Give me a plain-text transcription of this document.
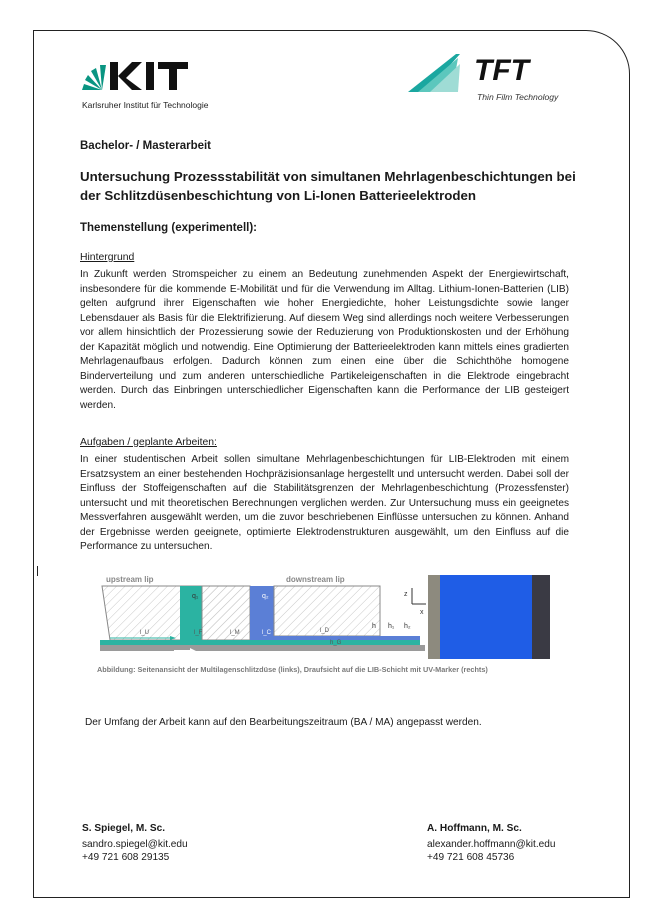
Karlsruher Institut für Technologie
TFT
Thin Film Technology
Bachelor- / Masterarbeit
Untersuchung Prozessstabilität von simultanen Mehrlagenbeschichtungen bei der Schlitzdüsenbeschichtung von Li-Ionen Batterieelektroden
Themenstellung (experimentell):
Hintergrund
In Zukunft werden Stromspeicher zu einem an Bedeutung zunehmenden Aspekt der Energiewirtschaft, insbesondere für die kommende E-Mobilität und für die Verwendung im Alltag. Lithium-Ionen-Batterien (LIB) gelten aufgrund ihrer Eigenschaften wie hoher Energiedichte, hoher Leistungsdichte sowie langer Lebensdauer als Basis für die Elektrifizierung. Auf diesem Weg sind allerdings noch weitere Verbesserungen vor allem hinsichtlich der Prozessierung sowie der Reduzierung von Produktionskosten und der Erhöhung der Kapazität möglich und notwendig. Eine Optimierung der Batterieelektroden kann mittels eines gradierten Mehrlagenaufbaus erfolgen. Dadurch können zum einen eine über die Schichthöhe homogene Binderverteilung und zum anderen unterschiedliche Partikeleigenschaften in die Elektrode eingebracht werden. Durch das Einbringen unterschiedlicher Eigenschaften kann die Performance der LIB gesteigert werden.
Aufgaben / geplante Arbeiten:
In einer studentischen Arbeit sollen simultane Mehrlagenbeschichtungen für LIB-Elektroden mit einem Ersatzsystem an einer bestehenden Hochpräzisionsanlage hergestellt und untersucht werden. Dabei soll der Einfluss der Stoffeigenschaften auf die Stabilitätsgrenzen der Mehrlagenbeschichtung (Prozessfenster) untersucht und mit theoretischen Berechnungen verglichen werden. Zur Untersuchung muss ein geeignetes Messverfahren ausgewählt werden, um die zuvor beschriebenen Einflüsse untersuchen zu können. Anhand der Ergebnisse werden geeignete, optimierte Elektrodenstrukturen ausgewählt, um den Einfluss auf die Performance zu untersuchen.
upstream lip
q₁	q₂
downstream lip
l_U	l_F	l_M	l_C	l_D
h_G
h h₁ h₂
u_w
z
x
Abbildung: Seitenansicht der Multilagenschlitzdüse (links), Draufsicht auf die LIB-Schicht mit UV-Marker (rechts)
Der Umfang der Arbeit kann auf den Bearbeitungszeitraum (BA / MA) angepasst werden.
S. Spiegel, M. Sc.
sandro.spiegel@kit.edu
+49 721 608 29135
A. Hoffmann, M. Sc.
alexander.hoffmann@kit.edu
+49 721 608 45736
